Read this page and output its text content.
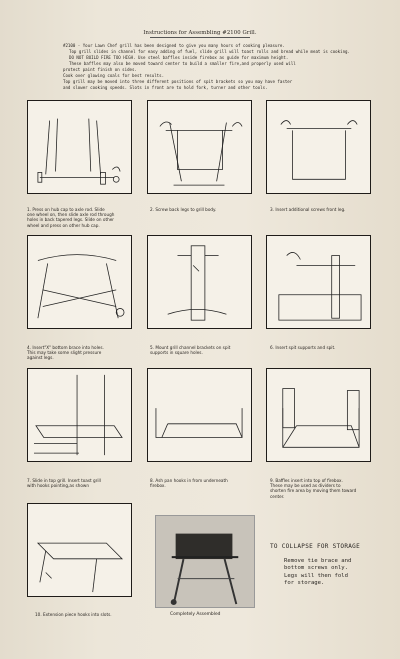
Instructions for Assembling #2100 Grill.

#2100 - Your Lawn Chef grill has been designed to give you many hours of cooking pleasure.

Top grill slides in channel for easy adding of fuel, slide grill will toast rolls and bread while meat is cooking.

DO NOT BUILD FIRE TOO HIGH. Use steel baffles inside firebox as guide for maximum height.

These baffles may also be moved toward center to build a smaller fire,and properly used will

protect paint finish on sides.

Cook over glowing coals for best results.

Top grill may be moved into three different positions of spit brackets so you may have faster

and slower cooking speeds. Slots in front are to hold fork, turner and other tools.

1. Press on hub cap to axle rod. Slide
one wheel on, then slide axle rod through
holes in back tapered legs. Slide on other
wheel and press on other hub cap.
2. Screw back legs to grill body.	3. Insert additional screws front leg.
4. Insert"X" bottom brace into holes.
This may take some slight pressure
against legs.
5. Mount grill channel brackets on spit
supports in square holes.
6. Insert spit supports and spit.
7. Slide in top grill. Insert toast grill
with hooks pointing,as shown
8. Ash pan hooks in from underneath
firebox.
9. Baffles insert into top of firebox.
These may be used as dividers to
shorten fire area by moving them toward
center.
10. Extension piece hooks into slots.	Completely Assembled
TO COLLAPSE FOR STORAGE

Remove tie brace and

bottom screws only.

Legs will then fold

for storage.
